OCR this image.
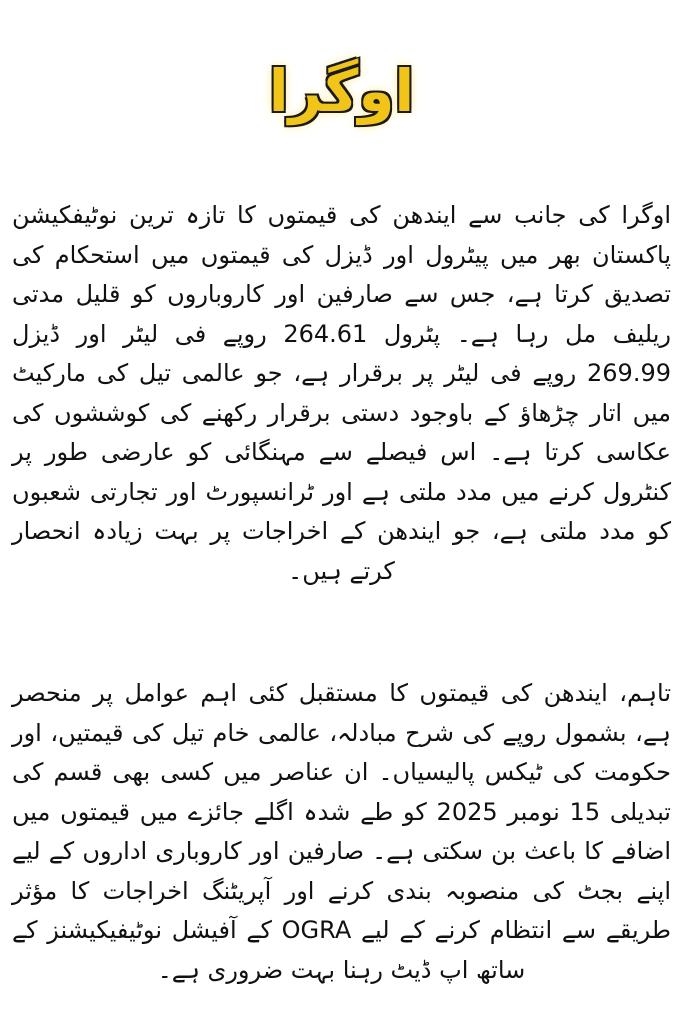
اوگرا

اوگرا کی جانب سے ایندھن کی قیمتوں کا تازہ ترین نوٹیفکیشن پاکستان بھر میں پیٹرول اور ڈیزل کی قیمتوں میں استحکام کی تصدیق کرتا ہے، جس سے صارفین اور کاروباروں کو قلیل مدتی ریلیف مل رہا ہے۔ پٹرول 264.61 روپے فی لیٹر اور ڈیزل 269.99 روپے فی لیٹر پر برقرار ہے، جو عالمی تیل کی مارکیٹ میں اتار چڑھاؤ کے باوجود دستی برقرار رکھنے کی کوششوں کی عکاسی کرتا ہے۔ اس فیصلے سے مہنگائی کو عارضی طور پر کنٹرول کرنے میں مدد ملتی ہے اور ٹرانسپورٹ اور تجارتی شعبوں کو مدد ملتی ہے، جو ایندھن کے اخراجات پر بہت زیادہ انحصار کرتے ہیں۔

تاہم، ایندھن کی قیمتوں کا مستقبل کئی اہم عوامل پر منحصر ہے، بشمول روپے کی شرح مبادلہ، عالمی خام تیل کی قیمتیں، اور حکومت کی ٹیکس پالیسیاں۔ ان عناصر میں کسی بھی قسم کی تبدیلی 15 نومبر 2025 کو طے شدہ اگلے جائزے میں قیمتوں میں اضافے کا باعث بن سکتی ہے۔ صارفین اور کاروباری اداروں کے لیے اپنے بجٹ کی منصوبہ بندی کرنے اور آپریٹنگ اخراجات کا مؤثر طریقے سے انتظام کرنے کے لیے OGRA کے آفیشل نوٹیفیکیشنز کے ساتھ اپ ڈیٹ رہنا بہت ضروری ہے۔
